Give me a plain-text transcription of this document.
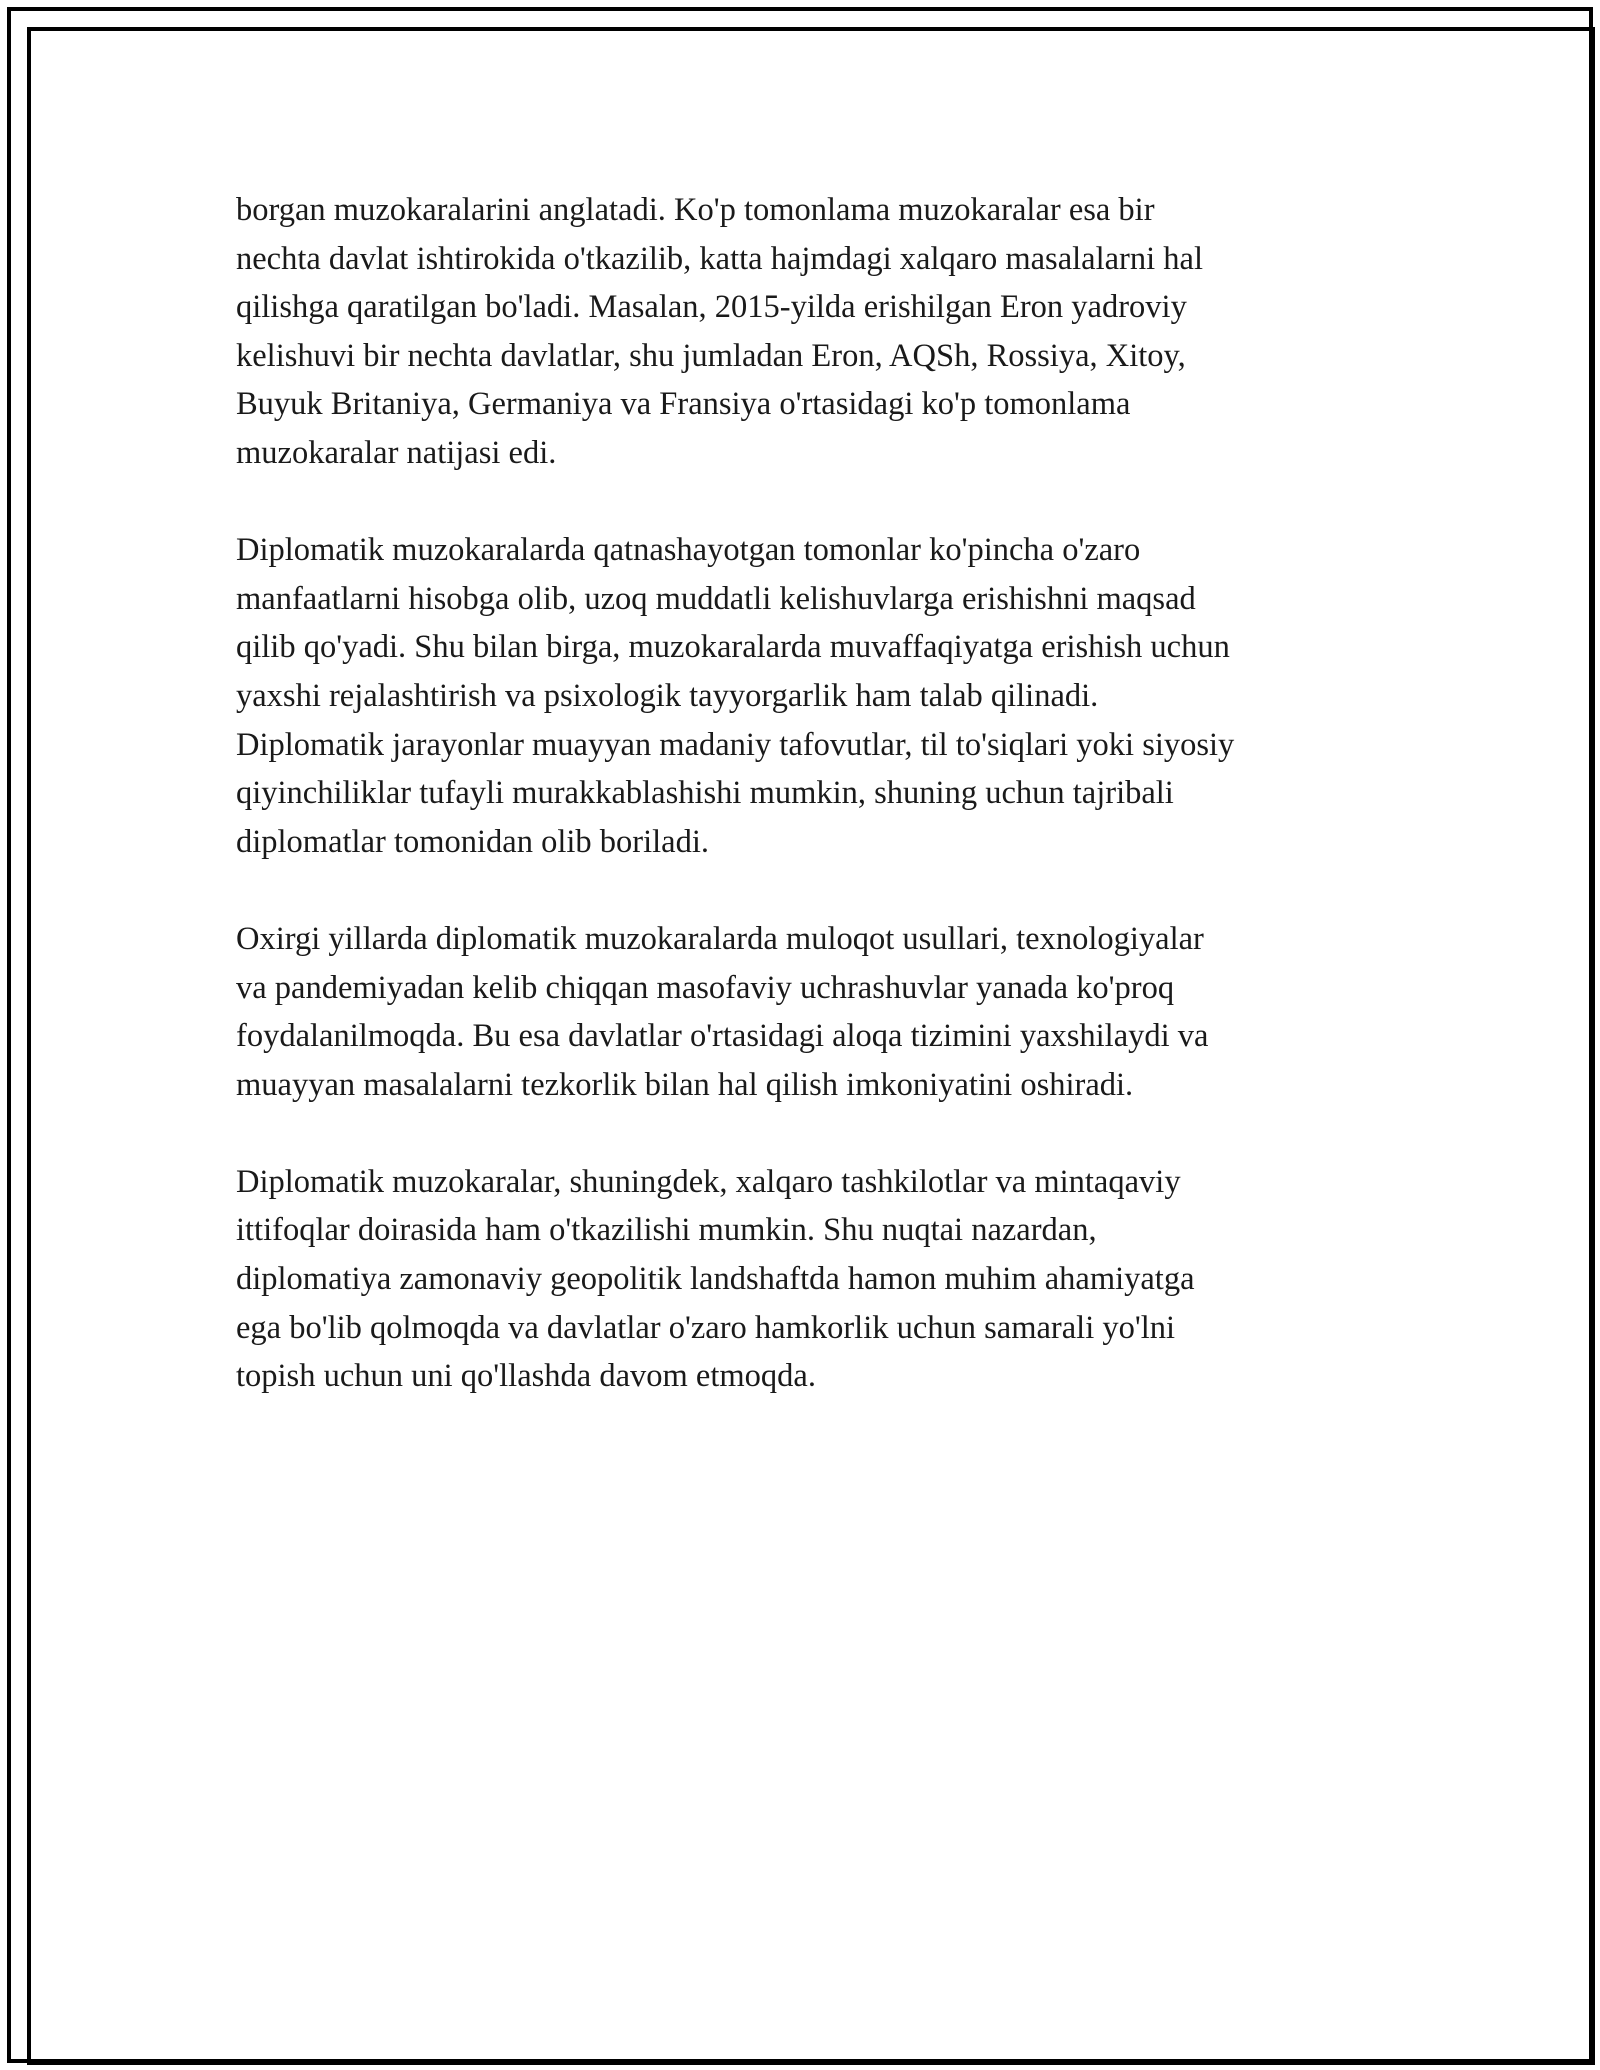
borgan muzokaralarini anglatadi. Ko'p tomonlama muzokaralar esa bir
nechta davlat ishtirokida o'tkazilib, katta hajmdagi xalqaro masalalarni hal
qilishga qaratilgan bo'ladi. Masalan, 2015-yilda erishilgan Eron yadroviy
kelishuvi bir nechta davlatlar, shu jumladan Eron, AQSh, Rossiya, Xitoy,
Buyuk Britaniya, Germaniya va Fransiya o'rtasidagi ko'p tomonlama
muzokaralar natijasi edi.

Diplomatik muzokaralarda qatnashayotgan tomonlar ko'pincha o'zaro
manfaatlarni hisobga olib, uzoq muddatli kelishuvlarga erishishni maqsad
qilib qo'yadi. Shu bilan birga, muzokaralarda muvaffaqiyatga erishish uchun
yaxshi rejalashtirish va psixologik tayyorgarlik ham talab qilinadi.
Diplomatik jarayonlar muayyan madaniy tafovutlar, til to'siqlari yoki siyosiy
qiyinchiliklar tufayli murakkablashishi mumkin, shuning uchun tajribali
diplomatlar tomonidan olib boriladi.

Oxirgi yillarda diplomatik muzokaralarda muloqot usullari, texnologiyalar
va pandemiyadan kelib chiqqan masofaviy uchrashuvlar yanada ko'proq
foydalanilmoqda. Bu esa davlatlar o'rtasidagi aloqa tizimini yaxshilaydi va
muayyan masalalarni tezkorlik bilan hal qilish imkoniyatini oshiradi.

Diplomatik muzokaralar, shuningdek, xalqaro tashkilotlar va mintaqaviy
ittifoqlar doirasida ham o'tkazilishi mumkin. Shu nuqtai nazardan,
diplomatiya zamonaviy geopolitik landshaftda hamon muhim ahamiyatga
ega bo'lib qolmoqda va davlatlar o'zaro hamkorlik uchun samarali yo'lni
topish uchun uni qo'llashda davom etmoqda.
